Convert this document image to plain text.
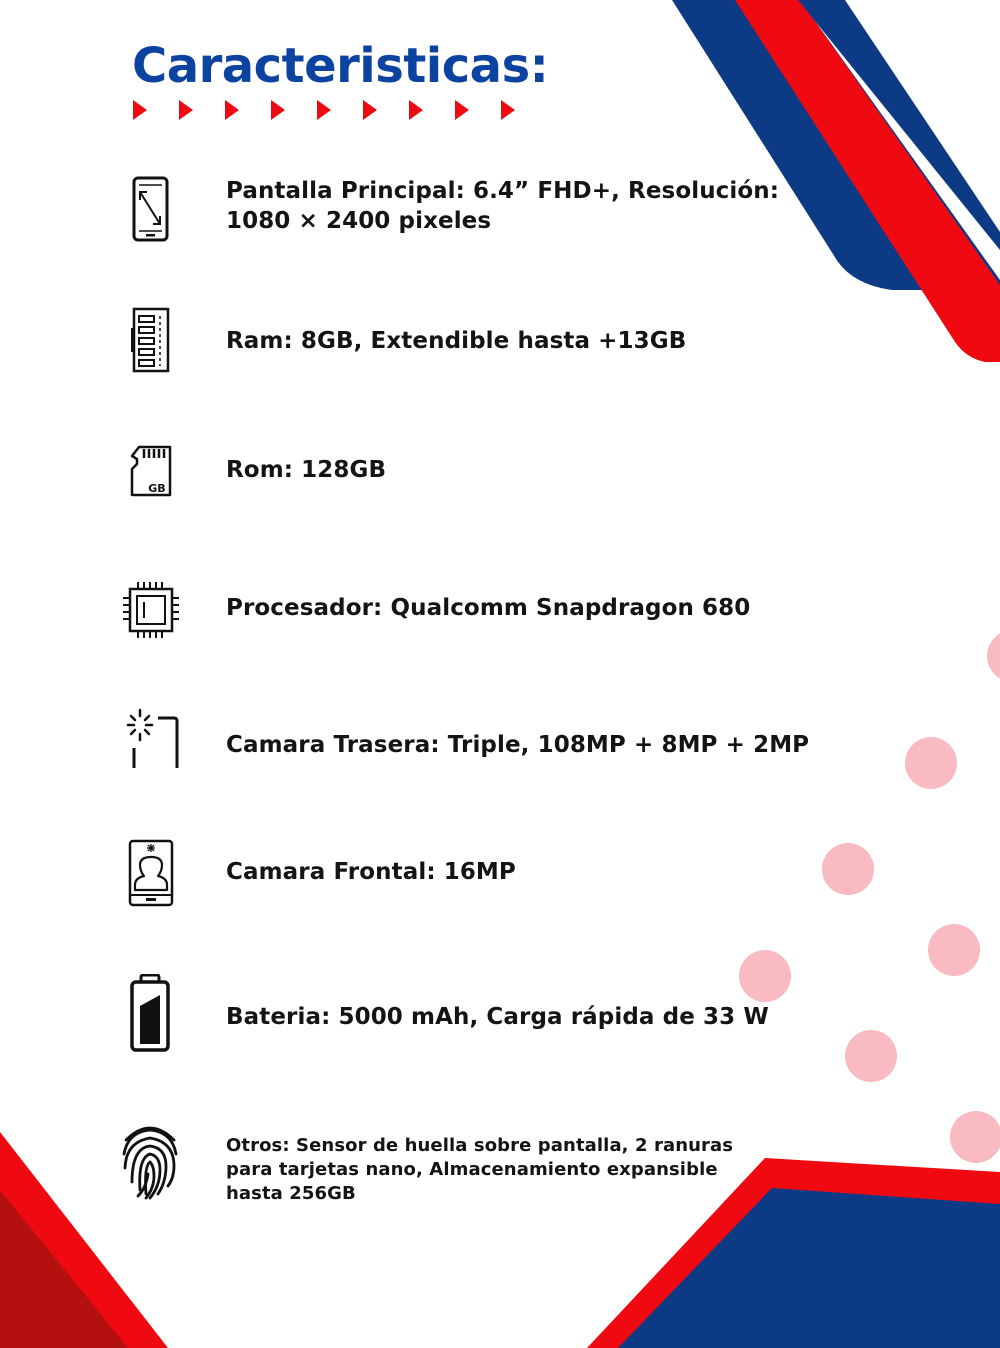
Caracteristicas:
Pantalla Principal: 6.4” FHD+, Resolución: 1080 × 2400 pixeles
Ram: 8GB, Extendible hasta +13GB
GB
Rom: 128GB
Procesador: Qualcomm Snapdragon 680
Camara Trasera: Triple, 108MP + 8MP + 2MP
Camara Frontal: 16MP
Bateria: 5000 mAh, Carga rápida de 33 W
Otros: Sensor de huella sobre pantalla, 2 ranuras para tarjetas nano, Almacenamiento expansible hasta 256GB
